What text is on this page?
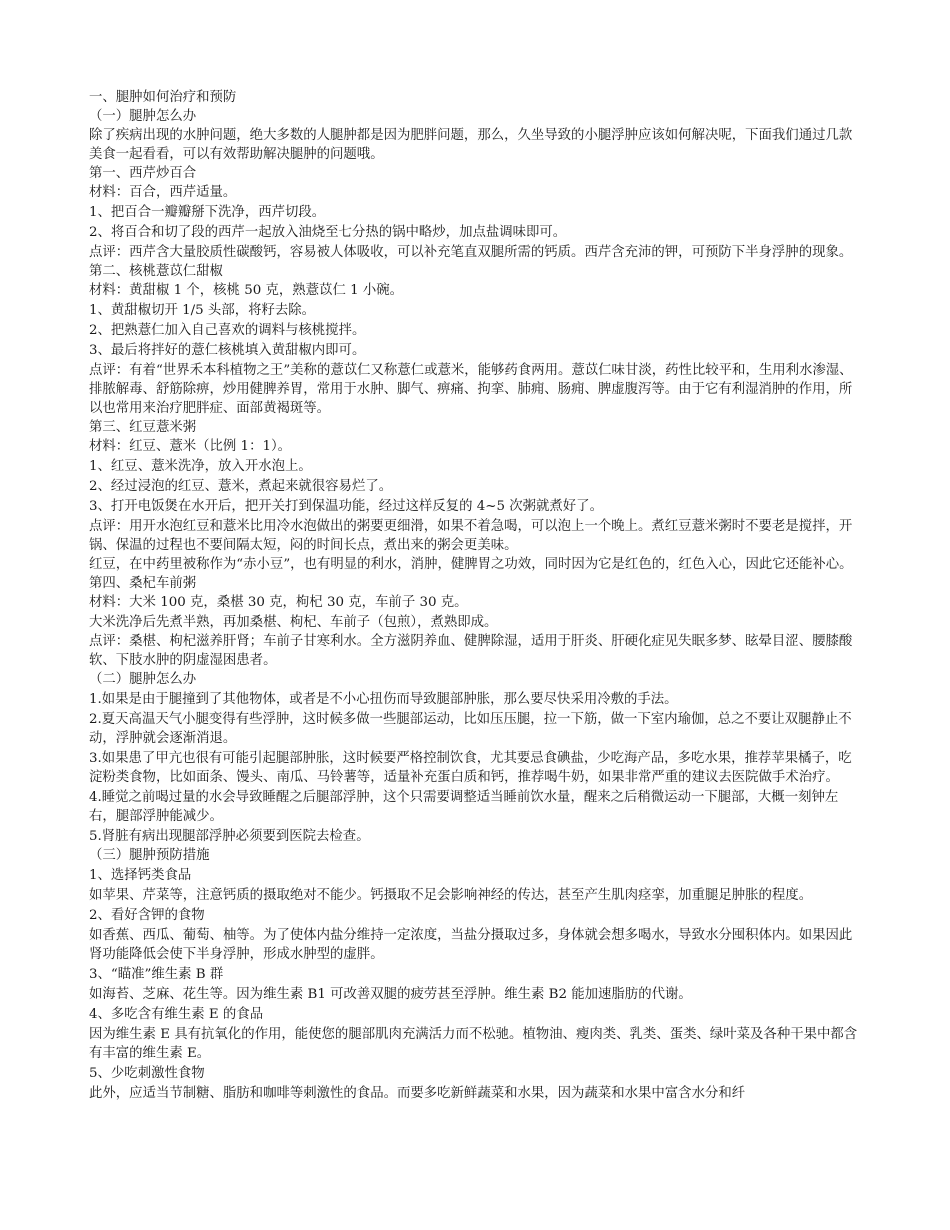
一、腿肿如何治疗和预防

（一）腿肿怎么办

除了疾病出现的水肿问题，绝大多数的人腿肿都是因为肥胖问题，那么，久坐导致的小腿浮肿应该如何解决呢，下面我们通过几款美食一起看看，可以有效帮助解决腿肿的问题哦。

第一、西芹炒百合

材料：百合，西芹适量。

1、把百合一瓣瓣掰下洗净，西芹切段。

2、将百合和切了段的西芹一起放入油烧至七分热的锅中略炒，加点盐调味即可。

点评：西芹含大量胶质性碳酸钙，容易被人体吸收，可以补充笔直双腿所需的钙质。西芹含充沛的钾，可预防下半身浮肿的现象。

第二、核桃薏苡仁甜椒

材料：黄甜椒 1 个，核桃 50 克，熟薏苡仁 1 小碗。

1、黄甜椒切开 1/5 头部，将籽去除。

2、把熟薏仁加入自己喜欢的调料与核桃搅拌。

3、最后将拌好的薏仁核桃填入黄甜椒内即可。

点评：有着“世界禾本科植物之王”美称的薏苡仁又称薏仁或薏米，能够药食两用。薏苡仁味甘淡，药性比较平和，生用利水渗湿、排脓解毒、舒筋除痹，炒用健脾养胃，常用于水肿、脚气、痹痛、拘挛、肺痈、肠痈、脾虚腹泻等。由于它有利湿消肿的作用，所以也常用来治疗肥胖症、面部黄褐斑等。

第三、红豆薏米粥

材料：红豆、薏米（比例 1：1）。

1、红豆、薏米洗净，放入开水泡上。

2、经过浸泡的红豆、薏米，煮起来就很容易烂了。

3、打开电饭煲在水开后，把开关打到保温功能，经过这样反复的 4~5 次粥就煮好了。

点评：用开水泡红豆和薏米比用冷水泡做出的粥要更细滑，如果不着急喝，可以泡上一个晚上。煮红豆薏米粥时不要老是搅拌，开锅、保温的过程也不要间隔太短，闷的时间长点，煮出来的粥会更美味。

红豆，在中药里被称作为“赤小豆”，也有明显的利水，消肿，健脾胃之功效，同时因为它是红色的，红色入心，因此它还能补心。

第四、桑杞车前粥

材料：大米 100 克，桑椹 30 克，枸杞 30 克，车前子 30 克。

大米洗净后先煮半熟，再加桑椹、枸杞、车前子（包煎），煮熟即成。

点评：桑椹、枸杞滋养肝肾；车前子甘寒利水。全方滋阴养血、健脾除湿，适用于肝炎、肝硬化症见失眠多梦、眩晕目涩、腰膝酸软、下肢水肿的阴虚湿困患者。

（二）腿肿怎么办

1.如果是由于腿撞到了其他物体，或者是不小心扭伤而导致腿部肿胀，那么要尽快采用冷敷的手法。

2.夏天高温天气小腿变得有些浮肿，这时候多做一些腿部运动，比如压压腿，拉一下筋，做一下室内瑜伽，总之不要让双腿静止不动，浮肿就会逐渐消退。

3.如果患了甲亢也很有可能引起腿部肿胀，这时候要严格控制饮食，尤其要忌食碘盐，少吃海产品，多吃水果，推荐苹果橘子，吃淀粉类食物，比如面条、馒头、南瓜、马铃薯等，适量补充蛋白质和钙，推荐喝牛奶，如果非常严重的建议去医院做手术治疗。

4.睡觉之前喝过量的水会导致睡醒之后腿部浮肿，这个只需要调整适当睡前饮水量，醒来之后稍微运动一下腿部，大概一刻钟左右，腿部浮肿能减少。

5.肾脏有病出现腿部浮肿必须要到医院去检查。

（三）腿肿预防措施

1、选择钙类食品

如苹果、芹菜等，注意钙质的摄取绝对不能少。钙摄取不足会影响神经的传达，甚至产生肌肉痉挛，加重腿足肿胀的程度。

2、看好含钾的食物

如香蕉、西瓜、葡萄、柚等。为了使体内盐分维持一定浓度，当盐分摄取过多，身体就会想多喝水，导致水分囤积体内。如果因此肾功能降低会使下半身浮肿，形成水肿型的虚胖。

3、“瞄准”维生素 B 群

如海苔、芝麻、花生等。因为维生素 B1 可改善双腿的疲劳甚至浮肿。维生素 B2 能加速脂肪的代谢。

4、多吃含有维生素 E 的食品

因为维生素 E 具有抗氧化的作用，能使您的腿部肌肉充满活力而不松驰。植物油、瘦肉类、乳类、蛋类、绿叶菜及各种干果中都含有丰富的维生素 E。

5、少吃刺激性食物

此外，应适当节制糖、脂肪和咖啡等刺激性的食品。而要多吃新鲜蔬菜和水果，因为蔬菜和水果中富含水分和纤
